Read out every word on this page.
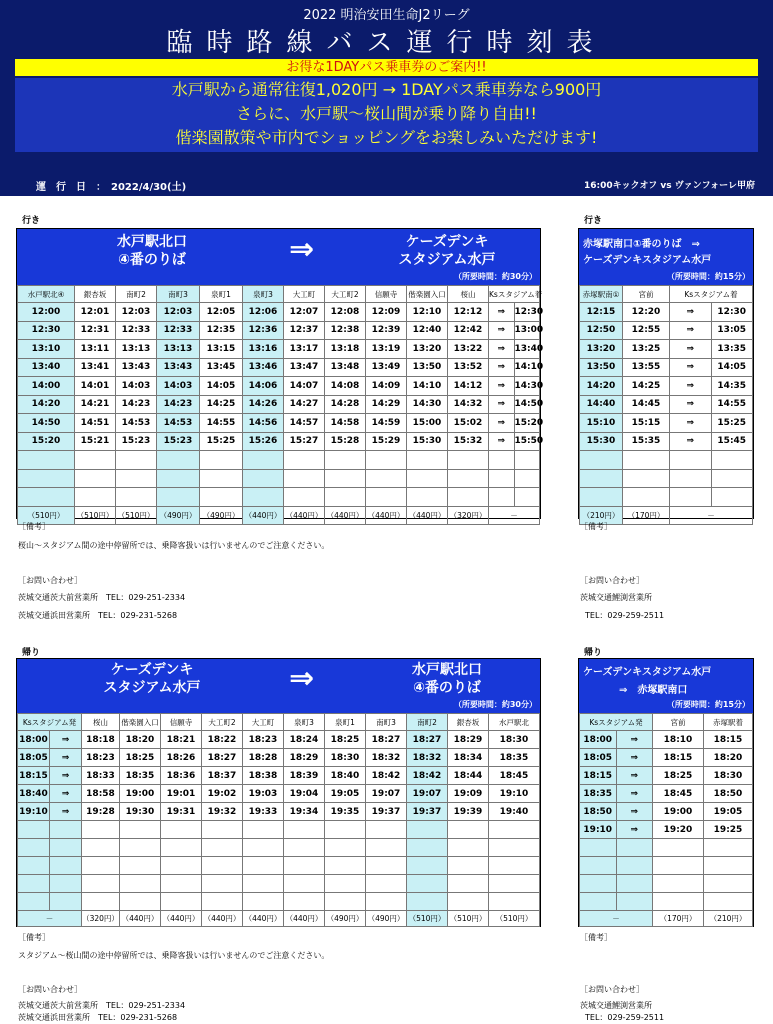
2022 明治安田生命J2リーグ
臨時路線バス運行時刻表
お得な1DAYパス乗車券のご案内!!
水戸駅から通常往復1,020円 → 1DAYパス乗車券なら900円
さらに、水戸駅～桜山間が乗り降り自由!!
偕楽園散策や市内でショッピングをお楽しみいただけます!
運　行　日　：　2022/4/30(土)	16:00キックオフ vs ヴァンフォーレ甲府
行き
水戸駅北口
④番のりば	⇒	ケーズデンキ
スタジアム水戸
（所要時間：約30分）
水戸駅北④	銀杏坂	南町2	南町3	泉町1	泉町3	大工町	大工町2	信願寺	偕楽園入口	桜山	Ksスタジアム着	
12:00	12:01	12:03	12:03	12:05	12:06	12:07	12:08	12:09	12:10	12:12	⇒	12:30
12:30	12:31	12:33	12:33	12:35	12:36	12:37	12:38	12:39	12:40	12:42	⇒	13:00
13:10	13:11	13:13	13:13	13:15	13:16	13:17	13:18	13:19	13:20	13:22	⇒	13:40
13:40	13:41	13:43	13:43	13:45	13:46	13:47	13:48	13:49	13:50	13:52	⇒	14:10
14:00	14:01	14:03	14:03	14:05	14:06	14:07	14:08	14:09	14:10	14:12	⇒	14:30
14:20	14:21	14:23	14:23	14:25	14:26	14:27	14:28	14:29	14:30	14:32	⇒	14:50
14:50	14:51	14:53	14:53	14:55	14:56	14:57	14:58	14:59	15:00	15:02	⇒	15:20
15:20	15:21	15:23	15:23	15:25	15:26	15:27	15:28	15:29	15:30	15:32	⇒	15:50

（510円）	（510円）	（510円）	（490円）	（490円）	（440円）	（440円）	（440円）	（440円）	（440円）	（320円）	－	
［備考］
桜山～スタジアム間の途中停留所では、乗降客扱いは行いませんのでご注意ください。
［お問い合わせ］
茨城交通茨大前営業所　TEL：029-251-2334
茨城交通浜田営業所　TEL：029-231-5268
行き
赤塚駅南口①番のりば　⇒
ケーズデンキスタジアム水戸
（所要時間：約15分）
赤塚駅南①	宮前	Ksスタジアム着	
12:15	12:20	⇒	12:30
12:50	12:55	⇒	13:05
13:20	13:25	⇒	13:35
13:50	13:55	⇒	14:05
14:20	14:25	⇒	14:35
14:40	14:45	⇒	14:55
15:10	15:15	⇒	15:25
15:30	15:35	⇒	15:45

（210円）	（170円）	－	
［備考］
［お問い合わせ］
茨城交通鯉渕営業所
TEL：029-259-2511
帰り
ケーズデンキ
スタジアム水戸	⇒	水戸駅北口
④番のりば
（所要時間：約30分）
Ksスタジアム発		桜山	偕楽園入口	信願寺	大工町2	大工町	泉町3	泉町1	南町3	南町2	銀杏坂	水戸駅北
18:00	⇒	18:18	18:20	18:21	18:22	18:23	18:24	18:25	18:27	18:27	18:29	18:30
18:05	⇒	18:23	18:25	18:26	18:27	18:28	18:29	18:30	18:32	18:32	18:34	18:35
18:15	⇒	18:33	18:35	18:36	18:37	18:38	18:39	18:40	18:42	18:42	18:44	18:45
18:40	⇒	18:58	19:00	19:01	19:02	19:03	19:04	19:05	19:07	19:07	19:09	19:10
19:10	⇒	19:28	19:30	19:31	19:32	19:33	19:34	19:35	19:37	19:37	19:39	19:40

－		（320円）	（440円）	（440円）	（440円）	（440円）	（440円）	（490円）	（490円）	（510円）	（510円）	（510円）
［備考］
スタジアム～桜山間の途中停留所では、乗降客扱いは行いませんのでご注意ください。
［お問い合わせ］
茨城交通茨大前営業所　TEL：029-251-2334
茨城交通浜田営業所　TEL：029-231-5268
帰り
ケーズデンキスタジアム水戸
⇒　赤塚駅南口
（所要時間：約15分）
Ksスタジアム発		宮前	赤塚駅着
18:00	⇒	18:10	18:15
18:05	⇒	18:15	18:20
18:15	⇒	18:25	18:30
18:35	⇒	18:45	18:50
18:50	⇒	19:00	19:05
19:10	⇒	19:20	19:25

－		（170円）	（210円）
［備考］
［お問い合わせ］
茨城交通鯉渕営業所
TEL：029-259-2511
